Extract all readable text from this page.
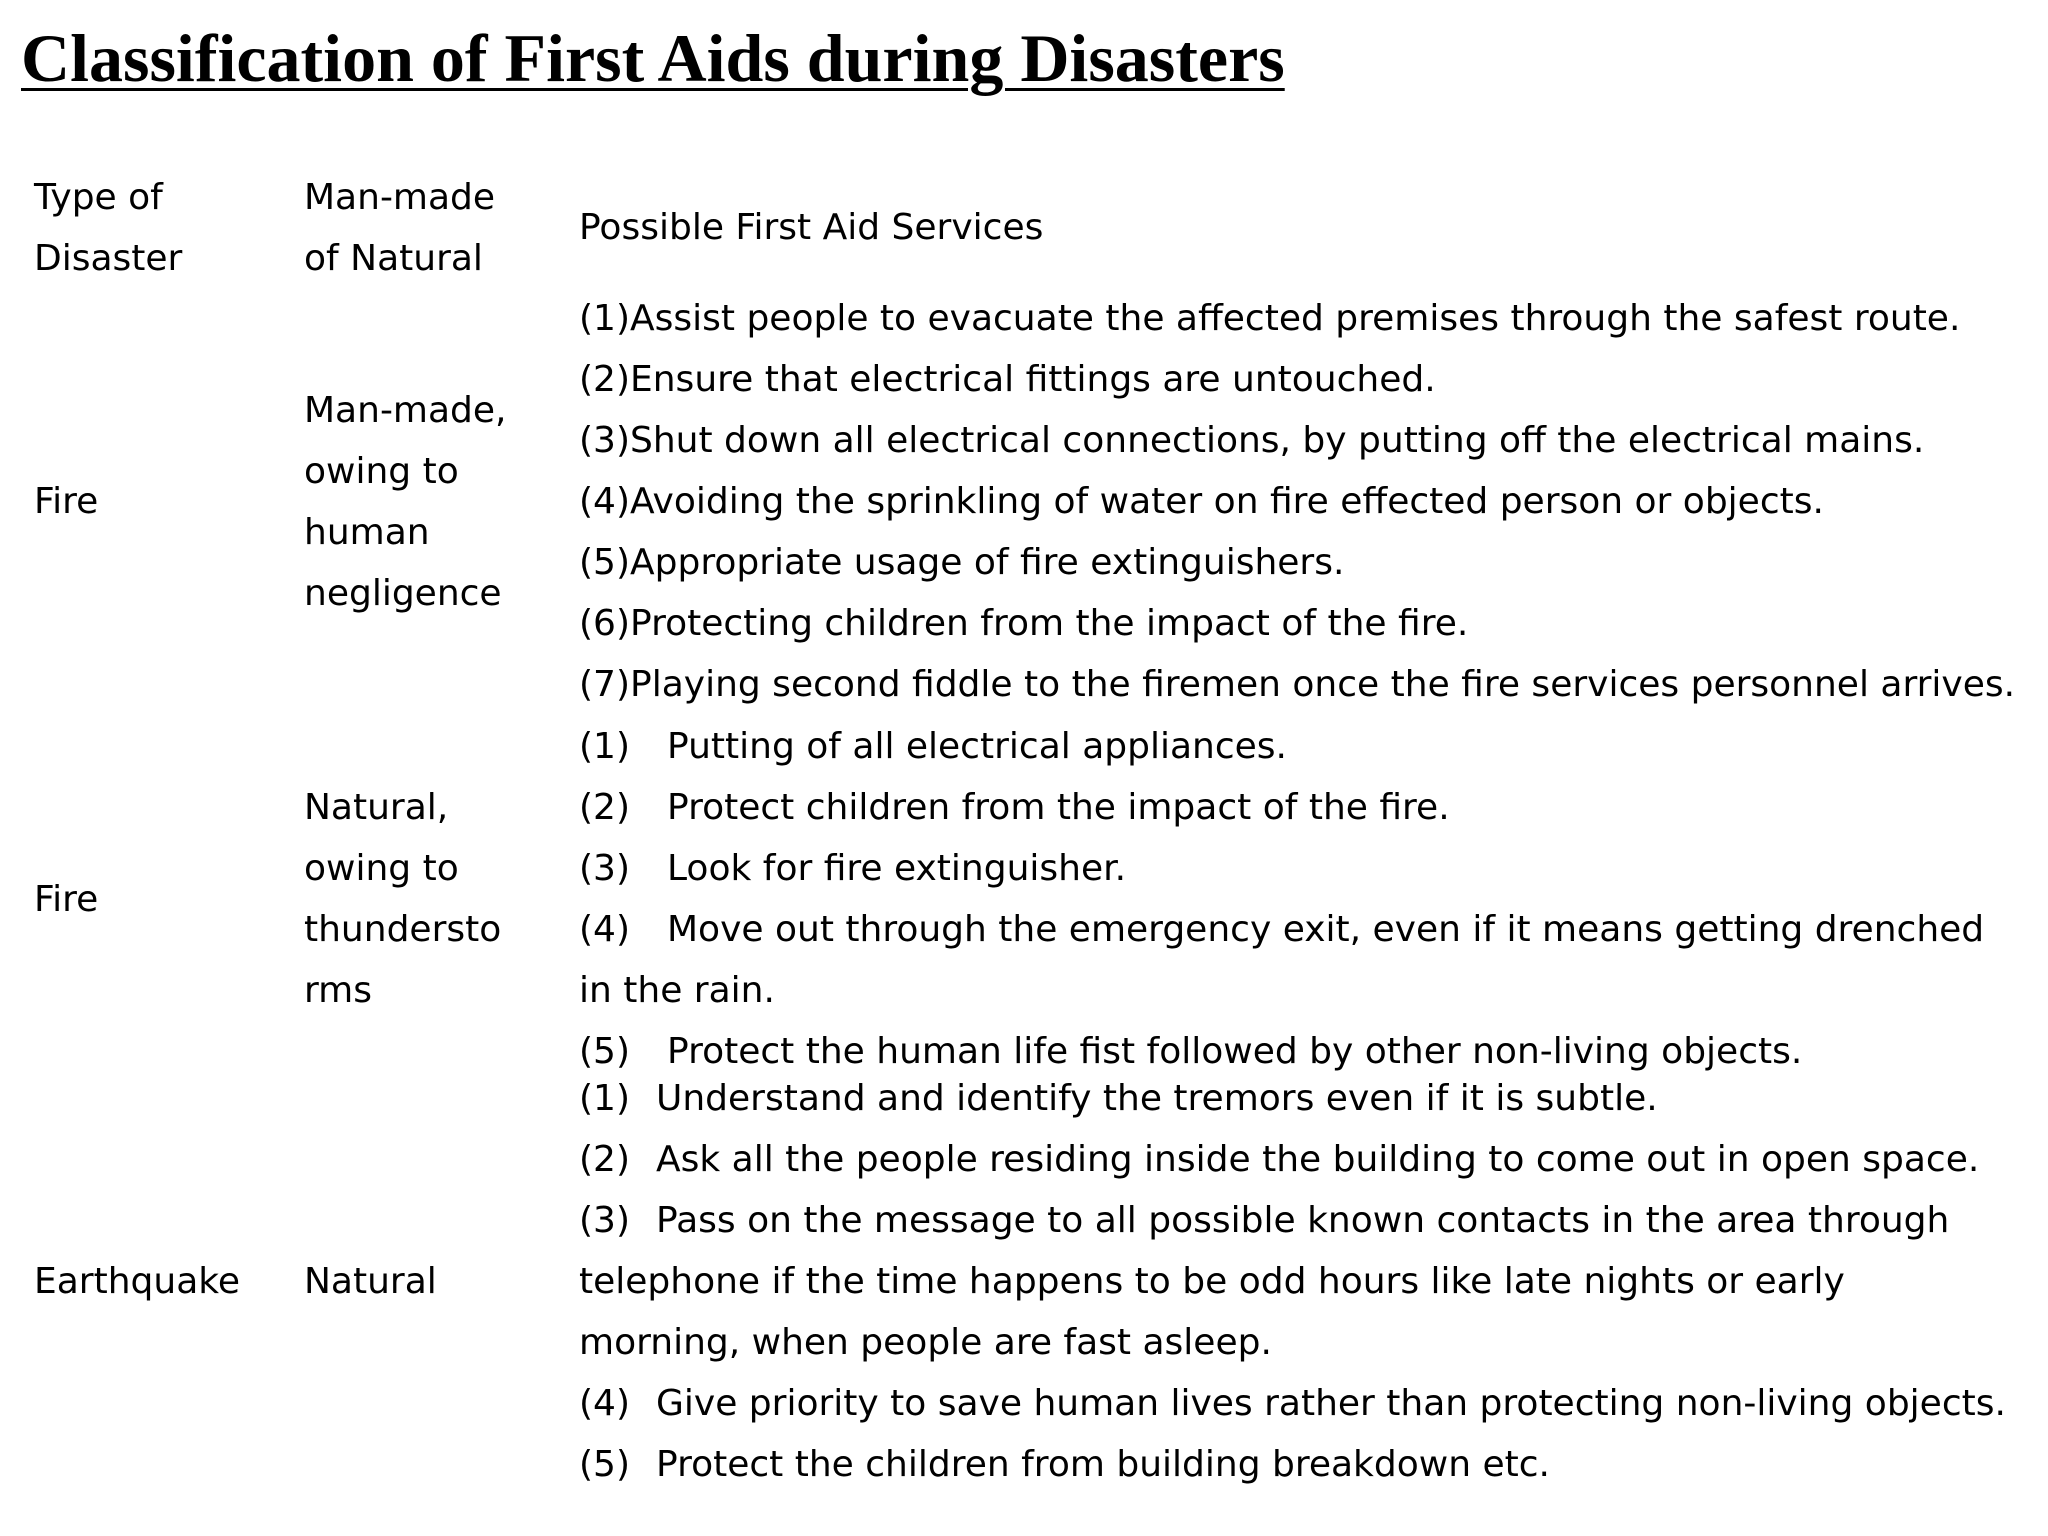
Classification of First Aids during Disasters
Type of
Disaster
Man-made
of Natural
Possible First Aid Services
Fire
Man-made,
owing to
human
negligence
(1)Assist people to evacuate the affected premises through the safest route.
(2)Ensure that electrical fittings are untouched.
(3)Shut down all electrical connections, by putting off the electrical mains.
(4)Avoiding the sprinkling of water on fire effected person or objects.
(5)Appropriate usage of fire extinguishers.
(6)Protecting children from the impact of the fire.
(7)Playing second fiddle to the firemen once the fire services personnel arrives.
Fire
Natural,
owing to
thundersto
rms
(1) Putting of all electrical appliances.
(2) Protect children from the impact of the fire.
(3) Look for fire extinguisher.
(4) Move out through the emergency exit, even if it means getting drenched in the rain.
(5) Protect the human life fist followed by other non-living objects.
Earthquake	Natural
(1) Understand and identify the tremors even if it is subtle.
(2) Ask all the people residing inside the building to come out in open space.
(3) Pass on the message to all possible known contacts in the area through telephone if the time happens to be odd hours like late nights or early morning, when people are fast asleep.
(4) Give priority to save human lives rather than protecting non-living objects.
(5) Protect the children from building breakdown etc.
